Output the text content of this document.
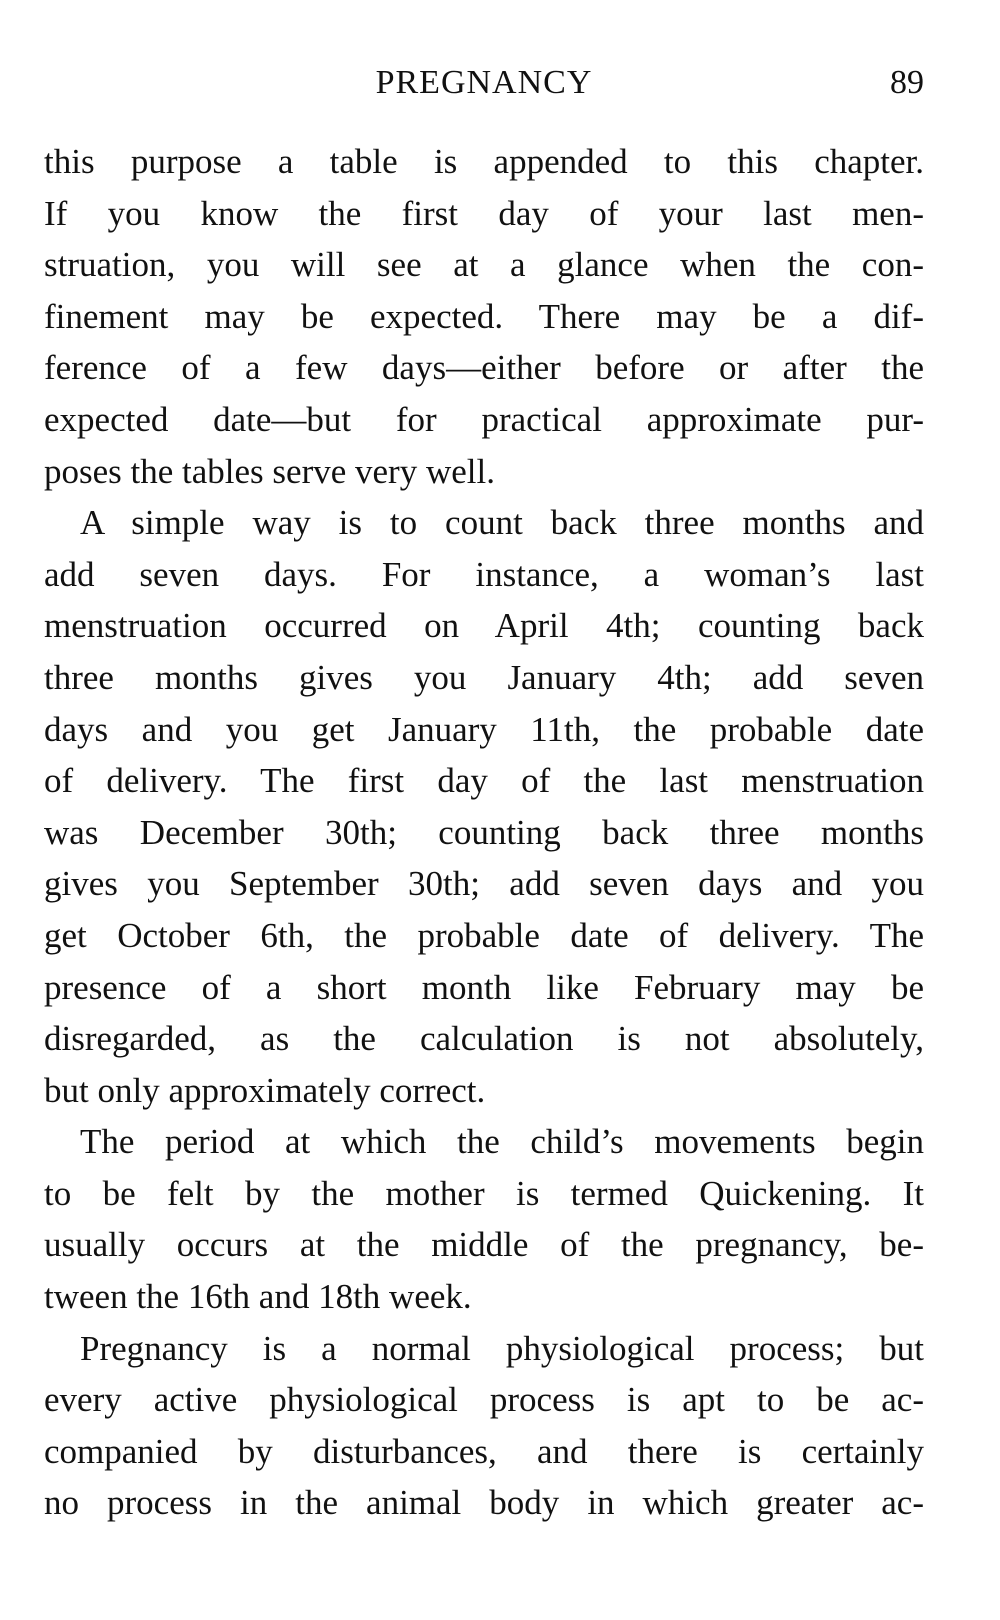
PREGNANCY	89
this purpose a table is appended to this chapter.
If you know the first day of your last men-
struation, you will see at a glance when the con-
finement may be expected. There may be a dif-
ference of a few days—either before or after the
expected date—but for practical approximate pur-
poses the tables serve very well.
A simple way is to count back three months and
add seven days. For instance, a woman’s last
menstruation occurred on April 4th; counting back
three months gives you January 4th; add seven
days and you get January 11th, the probable date
of delivery. The first day of the last menstruation
was December 30th; counting back three months
gives you September 30th; add seven days and you
get October 6th, the probable date of delivery. The
presence of a short month like February may be
disregarded, as the calculation is not absolutely,
but only approximately correct.
The period at which the child’s movements begin
to be felt by the mother is termed Quickening. It
usually occurs at the middle of the pregnancy, be-
tween the 16th and 18th week.
Pregnancy is a normal physiological process; but
every active physiological process is apt to be ac-
companied by disturbances, and there is certainly
no process in the animal body in which greater ac-
